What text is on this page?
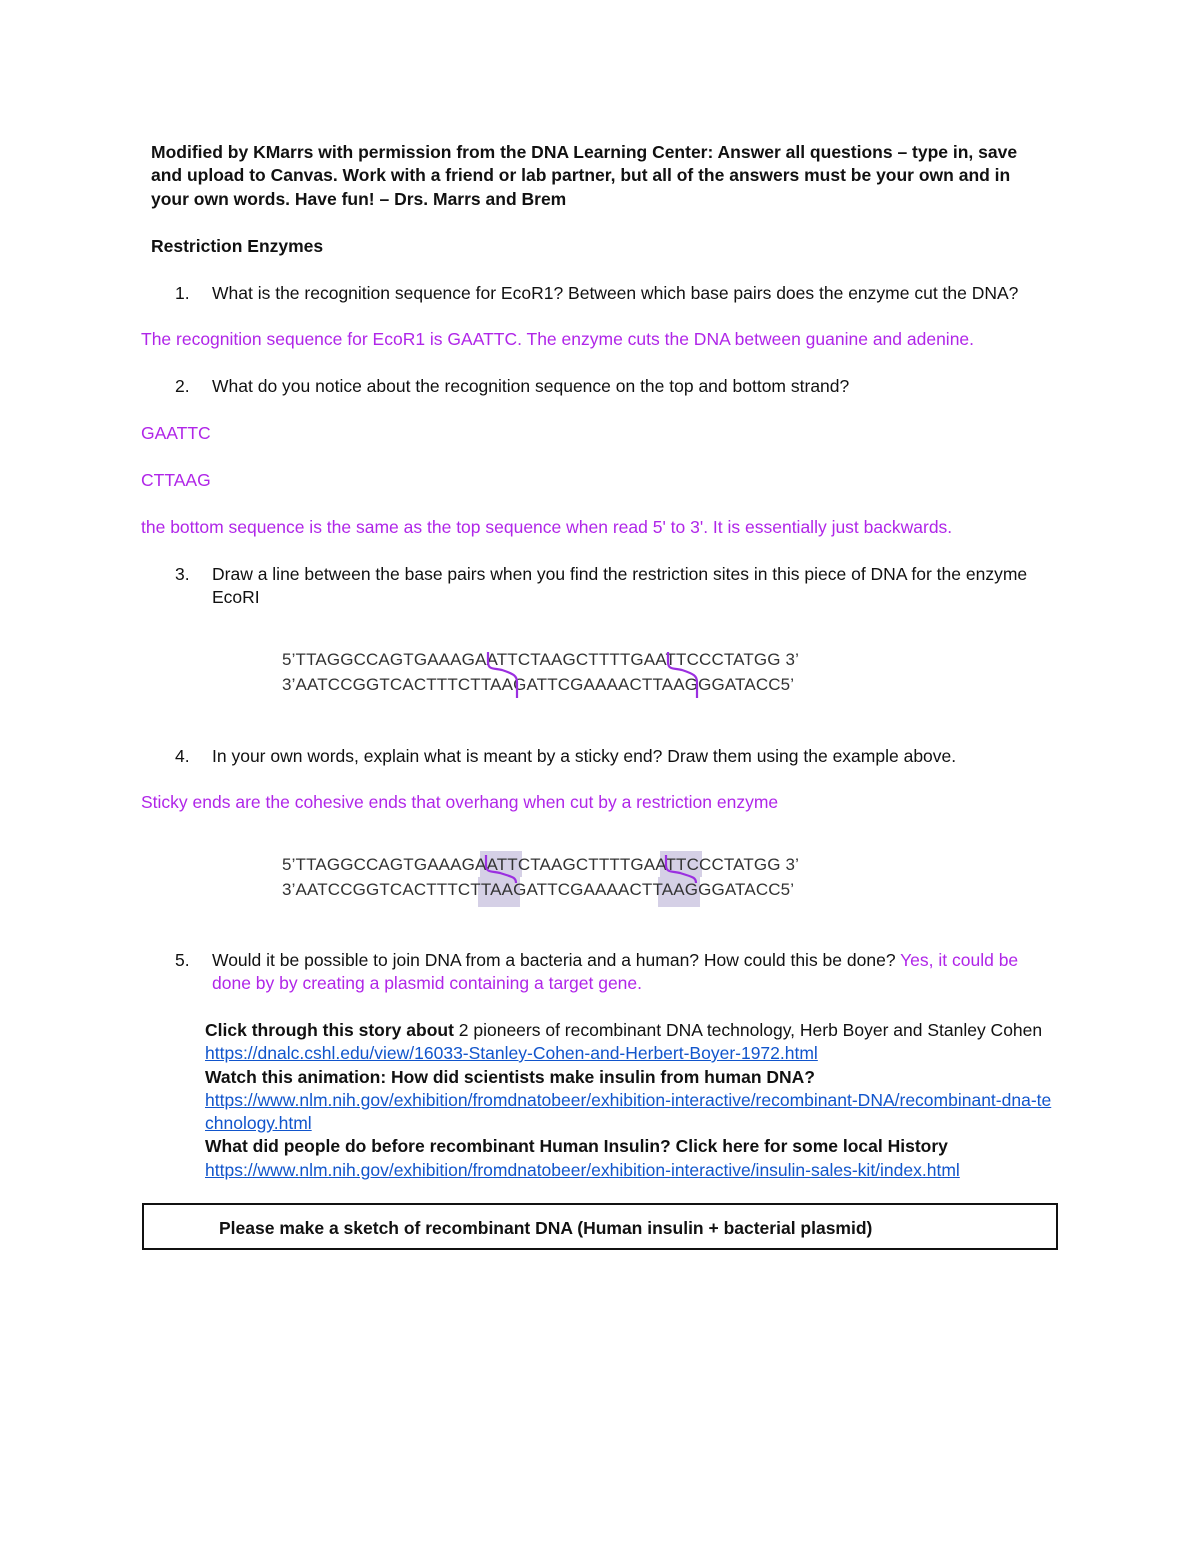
Modified by KMarrs with permission from the DNA Learning Center: Answer all questions – type in, save
and upload to Canvas. Work with a friend or lab partner, but all of the answers must be your own and in
your own words. Have fun! – Drs. Marrs and Brem
Restriction Enzymes
1. What is the recognition sequence for EcoR1? Between which base pairs does the enzyme cut the DNA?
The recognition sequence for EcoR1 is GAATTC. The enzyme cuts the DNA between guanine and adenine.
2. What do you notice about the recognition sequence on the top and bottom strand?
GAATTC
CTTAAG
the bottom sequence is the same as the top sequence when read 5' to 3'. It is essentially just backwards.
3. Draw a line between the base pairs when you find the restriction sites in this piece of DNA for the enzyme
EcoRI
5’TTAGGCCAGTGAAAGAATTCTAAGCTTTTGAATTCCCTATGG 3’
3’AATCCGGTCACTTTCTTAAGATTCGAAAACTTAAGGGATACC5’
4. In your own words, explain what is meant by a sticky end? Draw them using the example above.
Sticky ends are the cohesive ends that overhang when cut by a restriction enzyme
5’TTAGGCCAGTGAAAGAATTCTAAGCTTTTGAATTCCCTATGG 3’
3’AATCCGGTCACTTTCTTAAGATTCGAAAACTTAAGGGATACC5’
5. Would it be possible to join DNA from a bacteria and a human? How could this be done? Yes, it could be
done by by creating a plasmid containing a target gene.
Click through this story about 2 pioneers of recombinant DNA technology, Herb Boyer and Stanley Cohen
https://dnalc.cshl.edu/view/16033-Stanley-Cohen-and-Herbert-Boyer-1972.html
Watch this animation: How did scientists make insulin from human DNA?
https://www.nlm.nih.gov/exhibition/fromdnatobeer/exhibition-interactive/recombinant-DNA/recombinant-dna-te
chnology.html
What did people do before recombinant Human Insulin? Click here for some local History
https://www.nlm.nih.gov/exhibition/fromdnatobeer/exhibition-interactive/insulin-sales-kit/index.html
Please make a sketch of recombinant DNA (Human insulin + bacterial plasmid)
